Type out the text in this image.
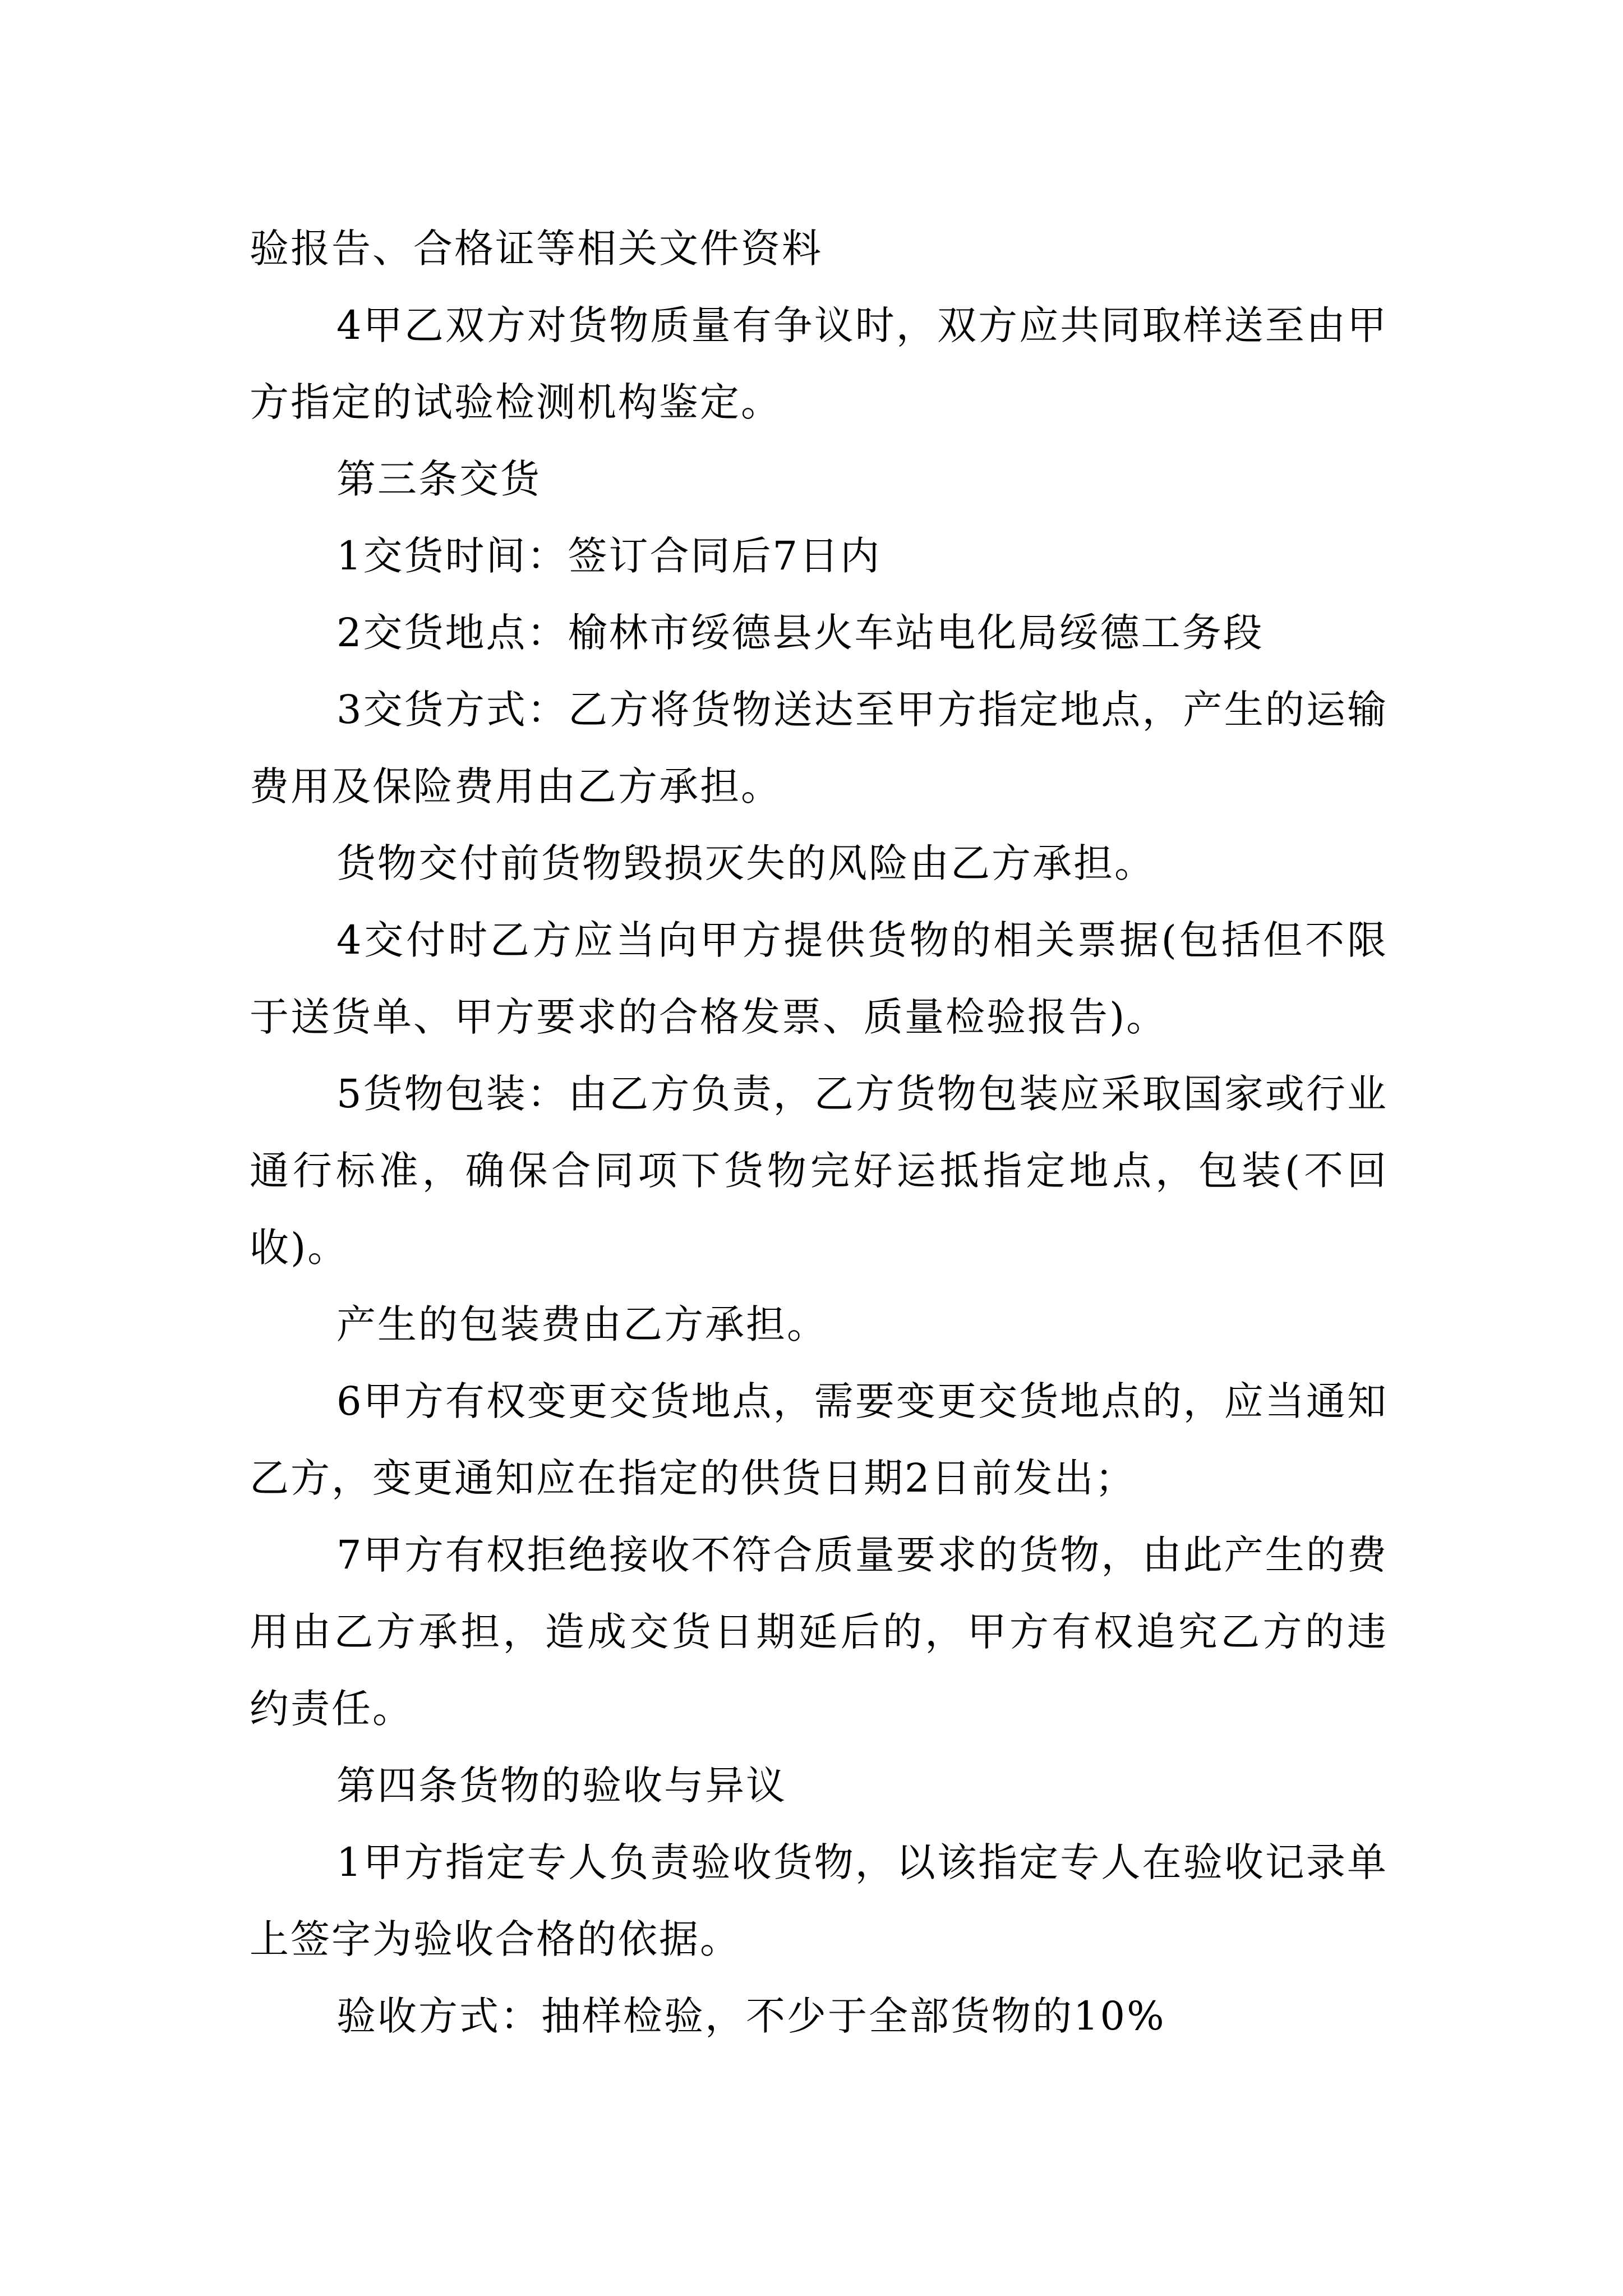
验报告、合格证等相关文件资料

4甲乙双方对货物质量有争议时，双方应共同取样送至由甲方指定的试验检测机构鉴定。

第三条交货

1交货时间：签订合同后7日内

2交货地点：榆林市绥德县火车站电化局绥德工务段

3交货方式：乙方将货物送达至甲方指定地点，产生的运输费用及保险费用由乙方承担。

货物交付前货物毁损灭失的风险由乙方承担。

4交付时乙方应当向甲方提供货物的相关票据(包括但不限于送货单、甲方要求的合格发票、质量检验报告)。

5货物包装：由乙方负责，乙方货物包装应采取国家或行业通行标准，确保合同项下货物完好运抵指定地点，包装(不回收)。

产生的包装费由乙方承担。

6甲方有权变更交货地点，需要变更交货地点的，应当通知乙方，变更通知应在指定的供货日期2日前发出；

7甲方有权拒绝接收不符合质量要求的货物，由此产生的费用由乙方承担，造成交货日期延后的，甲方有权追究乙方的违约责任。

第四条货物的验收与异议

1甲方指定专人负责验收货物，以该指定专人在验收记录单上签字为验收合格的依据。

验收方式：抽样检验，不少于全部货物的10%
